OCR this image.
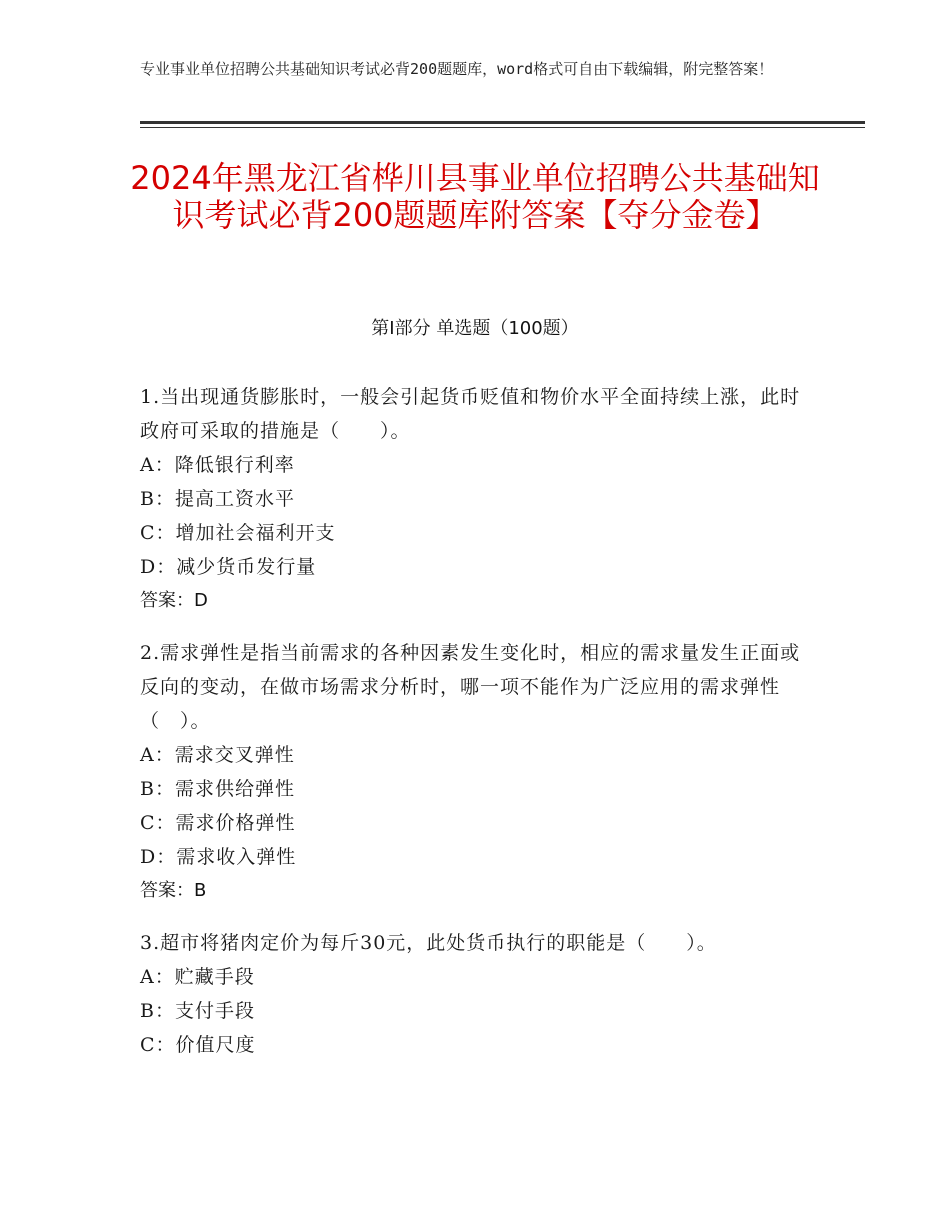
专业事业单位招聘公共基础知识考试必背200题题库，word格式可自由下载编辑，附完整答案！
2024年黑龙江省桦川县事业单位招聘公共基础知识考试必背200题题库附答案【夺分金卷】
第Ⅰ部分 单选题（100题）
1.当出现通货膨胀时，一般会引起货币贬值和物价水平全面持续上涨，此时政府可采取的措施是（　　）。
A：降低银行利率
B：提高工资水平
C：增加社会福利开支
D：减少货币发行量
答案：D
2.需求弹性是指当前需求的各种因素发生变化时，相应的需求量发生正面或反向的变动，在做市场需求分析时，哪一项不能作为广泛应用的需求弹性（　）。
A：需求交叉弹性
B：需求供给弹性
C：需求价格弹性
D：需求收入弹性
答案：B
3.超市将猪肉定价为每斤30元，此处货币执行的职能是（　　）。
A：贮藏手段
B：支付手段
C：价值尺度
